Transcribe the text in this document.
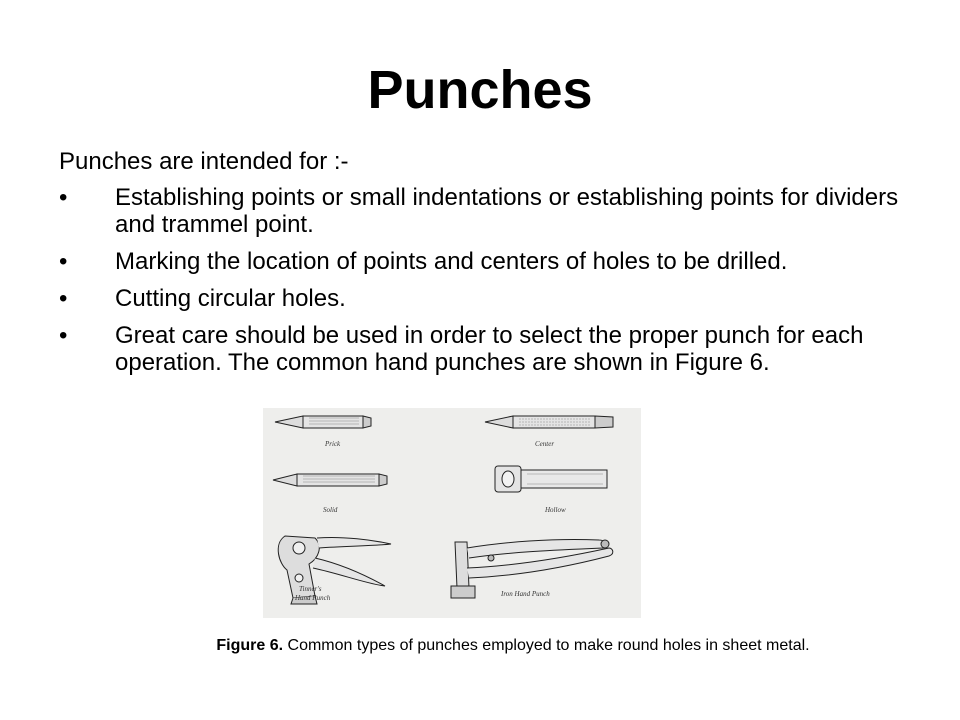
Punches

Punches are intended for :-

• Establishing points or small indentations or establishing points for dividers and trammel point.
• Marking the location of points and centers of holes to be drilled.
• Cutting circular holes.
• Great care should be used in order to select the proper punch for each operation. The common hand punches are shown in Figure 6.
Prick	Center
Solid	Hollow
Tinner's
Hand Punch	Iron Hand Punch

Figure 6. Common types of punches employed to make round holes in sheet metal.
